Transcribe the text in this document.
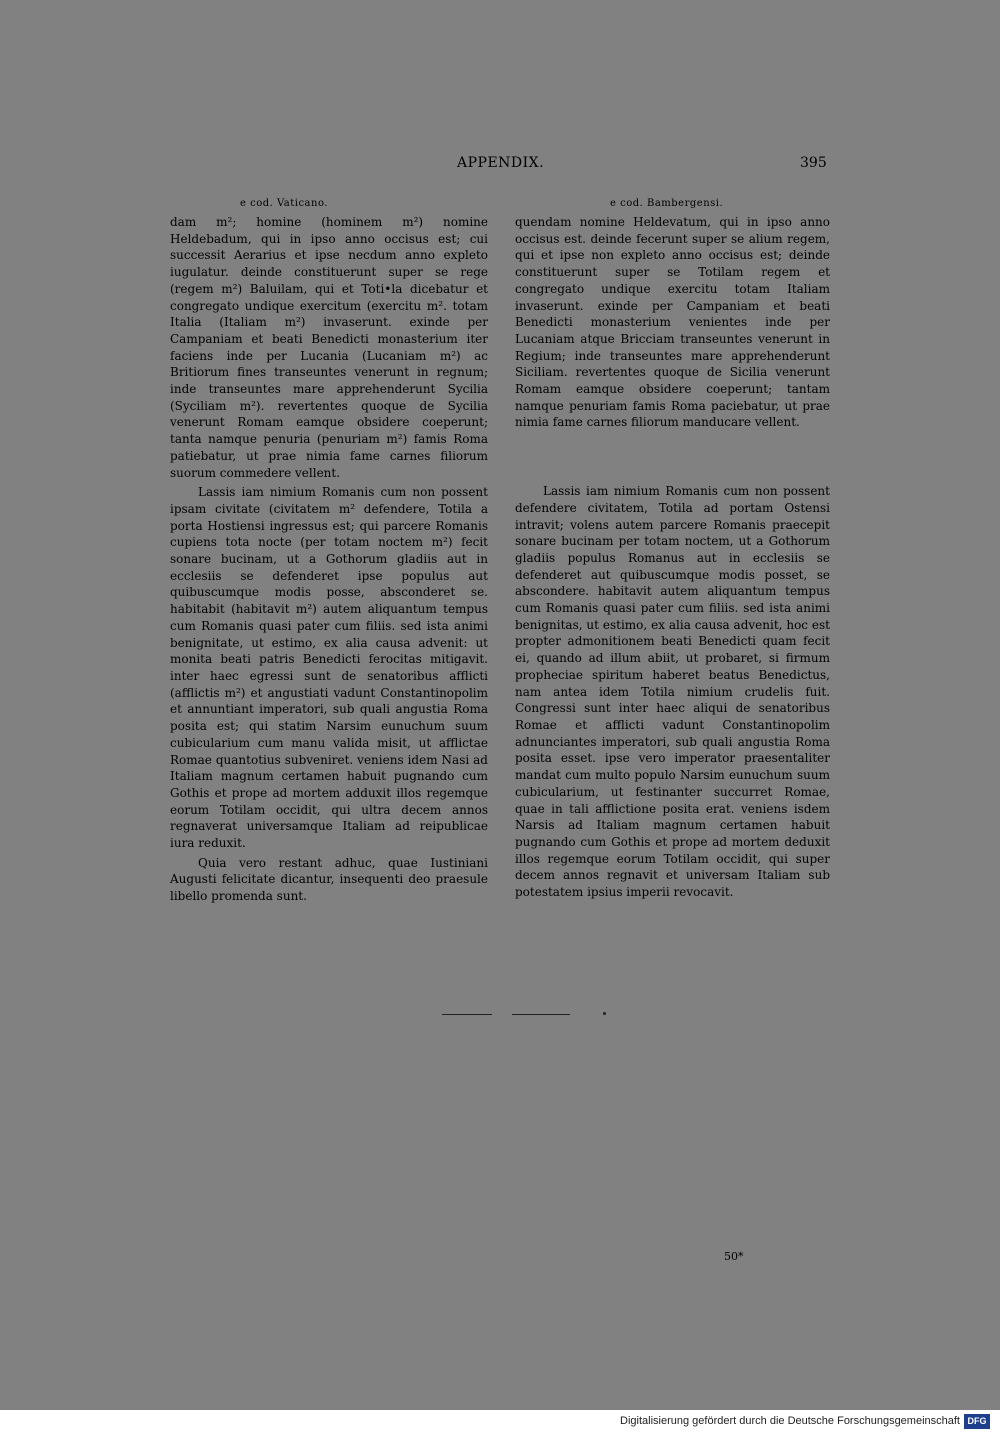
APPENDIX.	395
e cod. Vaticano.

dam m²; homine (hominem m²) nomine Heldebadum, qui in ipso anno occisus est; cui successit Aerarius et ipse necdum anno expleto iugulatur. deinde constituerunt super se rege (regem m²) Baluilam, qui et Toti•la dicebatur et congregato undique exercitum (exercitu m². totam Italia (Italiam m²) invaserunt. exinde per Campaniam et beati Benedicti monasterium iter faciens inde per Lucania (Lucaniam m²) ac Britiorum fines transeuntes venerunt in regnum; inde transeuntes mare apprehenderunt Sycilia (Syciliam m²). revertentes quoque de Sycilia venerunt Romam eamque obsidere coeperunt; tanta namque penuria (penuriam m²) famis Roma patiebatur, ut prae nimia fame carnes filiorum suorum commedere vellent.

Lassis iam nimium Romanis cum non possent ipsam civitate (civitatem m² defendere, Totila a porta Hostiensi ingressus est; qui parcere Romanis cupiens tota nocte (per totam noctem m²) fecit sonare bucinam, ut a Gothorum gladiis aut in ecclesiis se defenderet ipse populus aut quibuscumque modis posse, absconderet se. habitabit (habitavit m²) autem aliquantum tempus cum Romanis quasi pater cum filiis. sed ista animi benignitate, ut estimo, ex alia causa advenit: ut monita beati patris Benedicti ferocitas mitigavit. inter haec egressi sunt de senatoribus afflicti (afflictis m²) et angustiati vadunt Constantinopolim et annuntiant imperatori, sub quali angustia Roma posita est; qui statim Narsim eunuchum suum cubicularium cum manu valida misit, ut afflictae Romae quantotius subveniret. veniens idem Nasi ad Italiam magnum certamen habuit pugnando cum Gothis et prope ad mortem adduxit illos regemque eorum Totilam occidit, qui ultra decem annos regnaverat universamque Italiam ad reipublicae iura reduxit.

Quia vero restant adhuc, quae Iustiniani Augusti felicitate dicantur, insequenti deo praesule libello promenda sunt.

e cod. Bambergensi.

quendam nomine Heldevatum, qui in ipso anno occisus est. deinde fecerunt super se alium regem, qui et ipse non expleto anno occisus est; deinde constituerunt super se Totilam regem et congregato undique exercitu totam Italiam invaserunt. exinde per Campaniam et beati Benedicti monasterium venientes inde per Lucaniam atque Bricciam transeuntes venerunt in Regium; inde transeuntes mare apprehenderunt Siciliam. revertentes quoque de Sicilia venerunt Romam eamque obsidere coeperunt; tantam namque penuriam famis Roma paciebatur, ut prae nimia fame carnes filiorum manducare vellent.

Lassis iam nimium Romanis cum non possent defendere civitatem, Totila ad portam Ostensi intravit; volens autem parcere Romanis praecepit sonare bucinam per totam noctem, ut a Gothorum gladiis populus Romanus aut in ecclesiis se defenderet aut quibuscumque modis posset, se abscondere. habitavit autem aliquantum tempus cum Romanis quasi pater cum filiis. sed ista animi benignitas, ut estimo, ex alia causa advenit, hoc est propter admonitionem beati Benedicti quam fecit ei, quando ad illum abiit, ut probaret, si firmum propheciae spiritum haberet beatus Benedictus, nam antea idem Totila nimium crudelis fuit. Congressi sunt inter haec aliqui de senatoribus Romae et afflicti vadunt Constantinopolim adnunciantes imperatori, sub quali angustia Roma posita esset. ipse vero imperator praesentaliter mandat cum multo populo Narsim eunuchum suum cubicularium, ut festinanter succurret Romae, quae in tali afflictione posita erat. veniens isdem Narsis ad Italiam magnum certamen habuit pugnando cum Gothis et prope ad mortem deduxit illos regemque eorum Totilam occidit, qui super decem annos regnavit et universam Italiam sub potestatem ipsius imperii revocavit.

50*
Digitalisierung gefördert durch die Deutsche Forschungsgemeinschaft DFG
